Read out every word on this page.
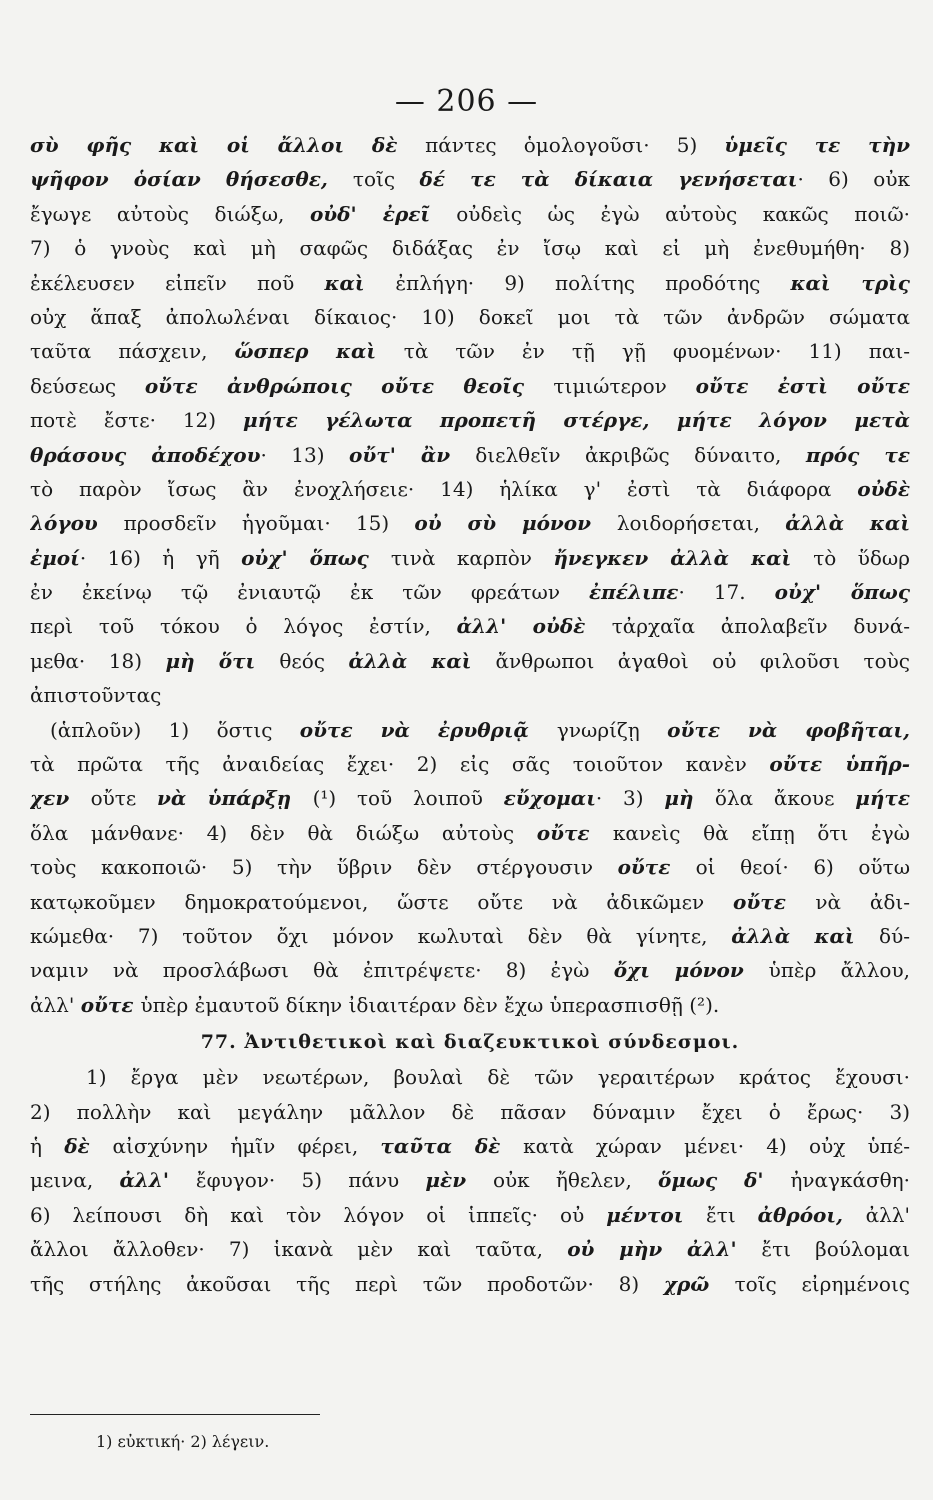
— 206 —
σὺ φῆς καὶ οἱ ἄλλοι δὲ πάντες ὁμολογοῦσι· 5) ὑμεῖς τε τὴν
ψῆφον ὁσίαν θήσεσθε, τοῖς δέ τε τὰ δίκαια γενήσεται· 6) οὐκ
ἔγωγε αὐτοὺς διώξω, οὐδ' ἐρεῖ οὐδεὶς ὡς ἐγὼ αὐτοὺς κακῶς ποιῶ·
7) ὁ γνοὺς καὶ μὴ σαφῶς διδάξας ἐν ἴσῳ καὶ εἰ μὴ ἐνεθυμήθη· 8)
ἐκέλευσεν εἰπεῖν ποῦ καὶ ἐπλήγη· 9) πολίτης προδότης καὶ τρὶς
οὐχ ἅπαξ ἀπολωλέναι δίκαιος· 10) δοκεῖ μοι τὰ τῶν ἀνδρῶν σώματα
ταῦτα πάσχειν, ὥσπερ καὶ τὰ τῶν ἐν τῇ γῇ φυομένων· 11) παι-
δεύσεως οὔτε ἀνθρώποις οὔτε θεοῖς τιμιώτερον οὔτε ἐστὶ οὔτε
ποτὲ ἔστε· 12) μήτε γέλωτα προπετῆ στέργε, μήτε λόγον μετὰ
θράσους ἀποδέχου· 13) οὔτ' ἂν διελθεῖν ἀκριβῶς δύναιτο, πρός τε
τὸ παρὸν ἴσως ἂν ἐνοχλήσειε· 14) ἡλίκα γ' ἐστὶ τὰ διάφορα οὐδὲ
λόγου προσδεῖν ἡγοῦμαι· 15) οὐ σὺ μόνον λοιδορήσεται, ἀλλὰ καὶ
ἐμοί· 16) ἡ γῆ οὐχ' ὅπως τινὰ καρπὸν ἤνεγκεν ἀλλὰ καὶ τὸ ὕδωρ
ἐν ἐκείνῳ τῷ ἐνιαυτῷ ἐκ τῶν φρεάτων ἐπέλιπε· 17. οὐχ' ὅπως
περὶ τοῦ τόκου ὁ λόγος ἐστίν, ἀλλ' οὐδὲ τἀρχαῖα ἀπολαβεῖν δυνά-
μεθα· 18) μὴ ὅτι θεός ἀλλὰ καὶ ἄνθρωποι ἀγαθοὶ οὐ φιλοῦσι τοὺς
ἀπιστοῦντας
(ἁπλοῦν) 1) ὅστις οὔτε νὰ ἐρυθριᾷ γνωρίζῃ οὔτε νὰ φοβῆται,
τὰ πρῶτα τῆς ἀναιδείας ἔχει· 2) εἰς σᾶς τοιοῦτον κανὲν οὔτε ὑπῆρ-
χεν οὔτε νὰ ὑπάρξῃ (¹) τοῦ λοιποῦ εὔχομαι· 3) μὴ ὅλα ἄκουε μήτε
ὅλα μάνθανε· 4) δὲν θὰ διώξω αὐτοὺς οὔτε κανεὶς θὰ εἴπῃ ὅτι ἐγὼ
τοὺς κακοποιῶ· 5) τὴν ὕβριν δὲν στέργουσιν οὔτε οἱ θεοί· 6) οὕτω
κατῳκοῦμεν δημοκρατούμενοι, ὥστε οὔτε νὰ ἀδικῶμεν οὔτε νὰ ἀδι-
κώμεθα· 7) τοῦτον ὄχι μόνον κωλυταὶ δὲν θὰ γίνητε, ἀλλὰ καὶ δύ-
ναμιν νὰ προσλάβωσι θὰ ἐπιτρέψετε· 8) ἐγὼ ὄχι μόνον ὑπὲρ ἄλλου,
ἀλλ' οὔτε ὑπὲρ ἐμαυτοῦ δίκην ἰδιαιτέραν δὲν ἔχω ὑπερασπισθῇ (²).
77. Ἀντιθετικοὶ καὶ διαζευκτικοὶ σύνδεσμοι.
1) ἔργα μὲν νεωτέρων, βουλαὶ δὲ τῶν γεραιτέρων κράτος ἔχουσι·
2) πολλὴν καὶ μεγάλην μᾶλλον δὲ πᾶσαν δύναμιν ἔχει ὁ ἔρως· 3)
ἡ δὲ αἰσχύνην ἡμῖν φέρει, ταῦτα δὲ κατὰ χώραν μένει· 4) οὐχ ὑπέ-
μεινα, ἀλλ' ἔφυγον· 5) πάνυ μὲν οὐκ ἤθελεν, ὅμως δ' ἠναγκάσθη·
6) λείπουσι δὴ καὶ τὸν λόγον οἱ ἱππεῖς· οὐ μέντοι ἔτι ἀθρόοι, ἀλλ'
ἄλλοι ἄλλοθεν· 7) ἱκανὰ μὲν καὶ ταῦτα, οὐ μὴν ἀλλ' ἔτι βούλομαι
τῆς στήλης ἀκοῦσαι τῆς περὶ τῶν προδοτῶν· 8) χρῶ τοῖς εἰρημένοις
1) εὐκτική· 2) λέγειν.
